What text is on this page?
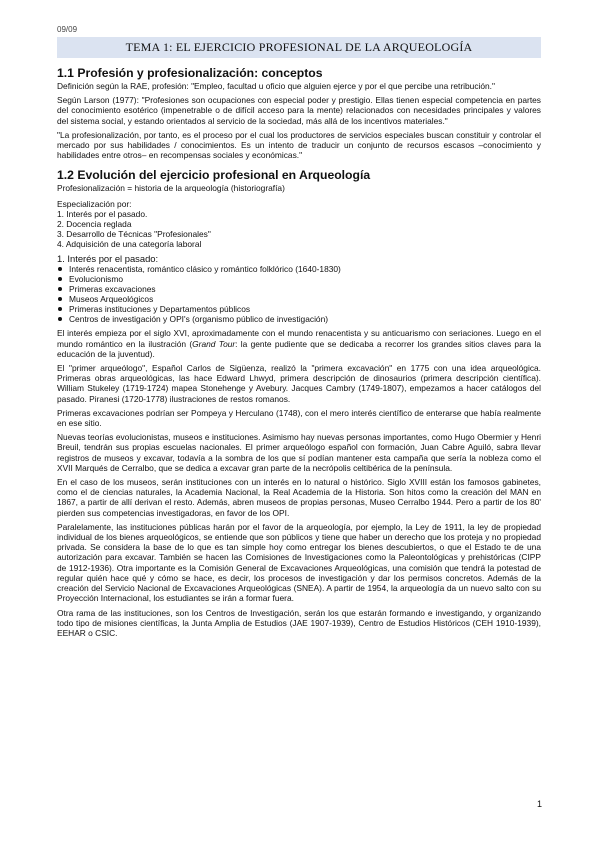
09/09
TEMA 1: EL EJERCICIO PROFESIONAL DE LA ARQUEOLOGÍA
1.1 Profesión y profesionalización: conceptos

Definición según la RAE, profesión: "Empleo, facultad u oficio que alguien ejerce y por el que percibe una retribución."

Según Larson (1977): "Profesiones son ocupaciones con especial poder y prestigio. Ellas tienen especial competencia en partes del conocimiento esotérico (impenetrable o de difícil acceso para la mente) relacionados con necesidades principales y valores del sistema social, y estando orientados al servicio de la sociedad, más allá de los incentivos materiales."

"La profesionalización, por tanto, es el proceso por el cual los productores de servicios especiales buscan constituir y controlar el mercado por sus habilidades / conocimientos. Es un intento de traducir un conjunto de recursos escasos –conocimiento y habilidades entre otros– en recompensas sociales y económicas."

1.2 Evolución del ejercicio profesional en Arqueología
Profesionalización = historia de la arqueología (historiografía)
Especialización por:
1. Interés por el pasado.
2. Docencia reglada
3. Desarrollo de Técnicas "Profesionales"
4. Adquisición de una categoría laboral
1. Interés por el pasado:
Interés renacentista, romántico clásico y romántico folklórico (1640-1830)
Evolucionismo
Primeras excavaciones
Museos Arqueológicos
Primeras instituciones y Departamentos públicos
Centros de investigación y OPI's (organismo público de investigación)

El interés empieza por el siglo XVI, aproximadamente con el mundo renacentista y su anticuarismo con seriaciones. Luego en el mundo romántico en la ilustración (Grand Tour: la gente pudiente que se dedicaba a recorrer los grandes sitios claves para la educación de la juventud).

El "primer arqueólogo", Español Carlos de Sigüenza, realizó la "primera excavación" en 1775 con una idea arqueológica. Primeras obras arqueológicas, las hace Edward Lhwyd, primera descripción de dinosaurios (primera descripción científica). William Stukeley (1719-1724) mapea Stonehenge y Avebury. Jacques Cambry (1749-1807), empezamos a hacer catálogos del pasado. Piranesi (1720-1778) ilustraciones de restos romanos.

Primeras excavaciones podrían ser Pompeya y Herculano (1748), con el mero interés científico de enterarse que había realmente en ese sitio.

Nuevas teorías evolucionistas, museos e instituciones. Asimismo hay nuevas personas importantes, como Hugo Obermier y Henri Breuil, tendrán sus propias escuelas nacionales. El primer arqueólogo español con formación, Juan Cabre Aguiló, sabra llevar registros de museos y excavar, todavía a la sombra de los que sí podían mantener esta campaña que sería la nobleza como el XVII Marqués de Cerralbo, que se dedica a excavar gran parte de la necrópolis celtibérica de la península.

En el caso de los museos, serán instituciones con un interés en lo natural o histórico. Siglo XVIII están los famosos gabinetes, como el de ciencias naturales, la Academia Nacional, la Real Academia de la Historia. Son hitos como la creación del MAN en 1867, a partir de allí derivan el resto. Además, abren museos de propias personas, Museo Cerralbo 1944. Pero a partir de los 80' pierden sus competencias investigadoras, en favor de los OPI.

Paralelamente, las instituciones públicas harán por el favor de la arqueología, por ejemplo, la Ley de 1911, la ley de propiedad individual de los bienes arqueológicos, se entiende que son públicos y tiene que haber un derecho que los proteja y no propiedad privada. Se considera la base de lo que es tan simple hoy como entregar los bienes descubiertos, o que el Estado te de una autorización para excavar. También se hacen las Comisiones de Investigaciones como la Paleontológicas y prehistóricas (CIPP de 1912-1936). Otra importante es la Comisión General de Excavaciones Arqueológicas, una comisión que tendrá la potestad de regular quién hace qué y cómo se hace, es decir, los procesos de investigación y dar los permisos concretos. Además de la creación del Servicio Nacional de Excavaciones Arqueológicas (SNEA). A partir de 1954, la arqueología da un nuevo salto con su Proyección Internacional, los estudiantes se irán a formar fuera.

Otra rama de las instituciones, son los Centros de Investigación, serán los que estarán formando e investigando, y organizando todo tipo de misiones científicas, la Junta Amplia de Estudios (JAE 1907-1939), Centro de Estudios Históricos (CEH 1910-1939), EEHAR o CSIC.

1
